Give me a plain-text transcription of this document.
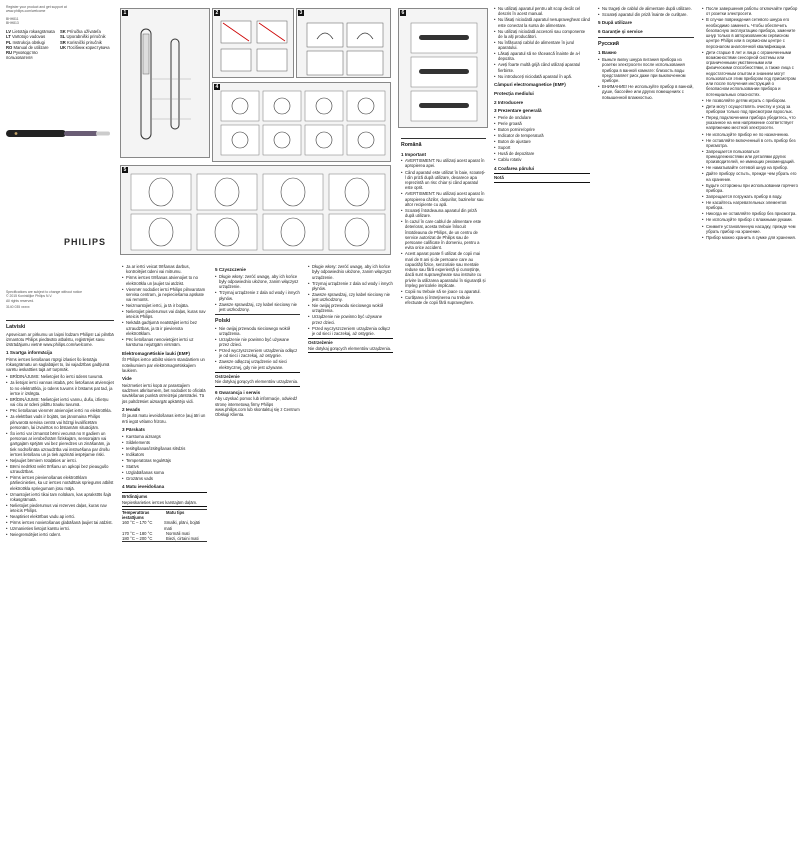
Register your product and get support at
www.philips.com/welcome
BHH811
BHH813
LV Lietotāja rokasgrāmata	SK Príručka užívateľa
LT Vartotojo vadovas	SL Uporabniški priročnik
PL Instrukcja obsługi	SR Korisnički priručnik
RO Manual de utilizare	UK Посібник користувача
RU Руководство пользователя
PHILIPS
Specifications are subject to change without notice
© 2015 Koninklijke Philips N.V.
All rights reserved.
3140 035 xxxxx
Latviski

Apsveicam ar pirkumu un laipni lūdzam Philips! Lai pilnībā izmantotu Philips piedāvāto atbalstu, reģistrējiet savu izstrādājumu vietnē www.philips.com/welcome.

1 Svarīga informācija

Pirms ierīces lietošanas rūpīgi izlasiet šo lietotāja rokasgrāmatu un saglabājiet to, lai vajadzības gadījumā varētu ieskatīties tajā arī turpmāk.

• BRĪDINĀJUMS: Nelietojiet šo ierīci ūdens tuvumā.
• Ja lietojat ierīci vannas istabā, pēc lietošanas atvienojiet to no elektrotīkla, jo ūdens tuvums ir bīstams pat tad, ja ierīce ir izslēgta.
• BRĪDINĀJUMS: Nelietojiet ierīci vannu, dušu, izlietņu vai citu ar ūdeni pildītu trauku tuvumā.
• Pēc lietošanas vienmēr atvienojiet ierīci no elektrotīkla.
• Ja elektības vads ir bojāts, tas jānomaina Philips pilnvarotā servisa centrā vai līdzīgi kvalificētām personām, lai izvairītos no bīstamām situācijām.
• Šo ierīci var izmantot bērni vecumā no 8 gadiem un personas ar ierobežotām fiziskajām, sensorajām vai garīgajām spējām vai bez pieredzes un zināšanām, ja tiek nodrošināta uzraudzība vai instruēšana par drošu ierīces lietošanu un ja tiek apzināti iespējamie riski.
• Neļaujiet bērniem rotaļāties ar ierīci.
• Bērni nedrīkst veikt tīrīšanu un apkopi bez pieaugušo uzraudzības.
• Pirms ierīces pievienošanas elektrotīklam pārliecinieties, ka uz ierīces norādītais spriegums atbilst elektrotīkla spriegumam jūsu mājā.
• Izmantojiet ierīci tikai tam nolūkam, kas aprakstīts šajā rokasgrāmatā.
• Nelietojiet piederumus vai rezerves daļas, kuras nav ieteicis Philips.
• Neaptiniet elektrības vadu ap ierīci.
• Pirms ierīces novietošanas glabāšanā ļaujiet tai atdzist.
• Uzmanieties lietojot karstu ierīci.
• Neiegremdējiet ierīci ūdenī.
1	2	3
4
5
• Ja ar ierīci veicat tīrīšanas darbus, kontrolējiet ūdeni vai mitrumu.
• Pirms ierīces tīrīšanas atvienojiet to no elektrotīkla un ļaujiet tai atdzist.
• Vienmēr nododiet ierīci Philips pilnvarotam servisa centram, ja nepieciešama apskate vai remonts.
• Neizmantojiet ierīci, ja tā ir bojāta.
• Nelietojiet piederumus vai daļas, kuras nav ieteicis Philips.
• Nekādā gadījumā neatstājiet ierīci bez uzraudzības, ja tā ir pievienota elektrotīklam.
• Pēc lietošanas nenovietojiet ierīci uz karstuma nejutīgām virsmām.
Elektromagnētiskie lauki (EMF)

Šī Philips ierīce atbilst visiem standartiem un noteikumiem par elektromagnētiskajiem laukiem.

Vide

Neizmetiet ierīci kopā ar parastajiem sadzīves atkritumiem, bet nododiet to oficiālā savākšanas punktā otrreizējai pārstrādei. Tā jūs palīdzēsiet aizsargāt apkārtējo vidi.

2 Ievads

Šī jaunā matu ieveidošanas ierīce ļauj ātri un ērti iegūt vēlamo frizūru.

3 Pārskats
• Karstuma aizsargs
• Sildelements
• Ieslēgšanas/izslēgšanas slēdzis
• Indikators
• Temperatūras regulētājs
• Statīvs
• Uzglabāšanas soma
• Grozāms vads
4 Matu ieveidošana
Brīdinājums
Nepieskarieties ierīces karstajām daļām.
Temperatūras iestatījums
Matu tips
160 °C – 170 °C	Smalki, plāni, bojāti mati
170 °C – 180 °C	Normāli mati
180 °C – 200 °C	Biezi, cirtaini mati
5 Czyszczenie
• Długie włosy: zwróć uwagę, aby ich końce były odpowiednio ułożone, zanim włączysz urządzenie.
• Trzymaj urządzenie z dala od wody i innych płynów.
• Zawsze sprawdzaj, czy kabel sieciowy nie jest uszkodzony.
Polski
• Nie owijaj przewodu sieciowego wokół urządzenia.
• Urządzenie nie powinno być używane przez dzieci.
• Przed wyczyszczeniem urządzenia odłącz je od sieci i zaczekaj, aż ostygnie.
• Zawsze odłączaj urządzenie od sieci elektrycznej, gdy nie jest używane.
Ostrzeżenie
Nie dotykaj gorących elementów urządzenia.
6 Gwarancja i serwis

Aby uzyskać pomoc lub informacje, odwiedź stronę internetową firmy Philips www.philips.com lub skontaktuj się z Centrum Obsługi Klienta.

• Długie włosy: zwróć uwagę, aby ich końce były odpowiednio ułożone, zanim włączysz urządzenie.
• Trzymaj urządzenie z dala od wody i innych płynów.
• Zawsze sprawdzaj, czy kabel sieciowy nie jest uszkodzony.
• Nie owijaj przewodu sieciowego wokół urządzenia.
• Urządzenie nie powinno być używane przez dzieci.
• Przed wyczyszczeniem urządzenia odłącz je od sieci i zaczekaj, aż ostygnie.
Ostrzeżenie
Nie dotykaj gorących elementów urządzenia.
6
Română
1 Important
• AVERTISMENT: Nu utilizați acest aparat în apropierea apei.
• Când aparatul este utilizat în baie, scoateți-l din priză după utilizare, deoarece apa reprezintă un risc chiar și când aparatul este oprit.
• AVERTISMENT: Nu utilizați acest aparat în apropierea căzilor, dușurilor, bazinelor sau altor recipiente cu apă.
• Scoateți întotdeauna aparatul din priză după utilizare.
• În cazul în care cablul de alimentare este deteriorat, acesta trebuie înlocuit întotdeauna de Philips, de un centru de service autorizat de Philips sau de persoane calificate în domeniu, pentru a evita orice accident.
• Acest aparat poate fi utilizat de copii mai mari de 8 ani și de persoane care au capacități fizice, senzoriale sau mentale reduse sau fără experiență și cunoștințe, dacă sunt supravegheate sau instruite cu privire la utilizarea aparatului în siguranță și înțeleg pericolele implicate.
• Copiii nu trebuie să se joace cu aparatul.
• Curățarea și întreținerea nu trebuie efectuate de copii fără supraveghere.
• Nu utilizați aparatul pentru alt scop decât cel descris în acest manual.
• Nu lăsați niciodată aparatul nesupravegheat când este conectat la sursa de alimentare.
• Nu utilizați niciodată accesorii sau componente de la alți producători.
• Nu înfășurați cablul de alimentare în jurul aparatului.
• Lăsați aparatul să se răcească înainte de a-l depozita.
• Aveți foarte multă grijă când utilizați aparatul fierbinte.
• Nu introduceți niciodată aparatul în apă.
Câmpuri electromagnetice (EMF)
Protecția mediului
2 Introducere
3 Prezentare generală
• Perie de ondulare
• Perie groasă
• Buton pornire/oprire
• Indicator de temperatură
• Buton de ajustare
• Suport
• Husă de depozitare
• Cablu rotativ
4 Coafarea părului
Notă
• Nu trageți de cablul de alimentare după utilizare.
• Scoateți aparatul din priză înainte de curățare.
5 După utilizare
6 Garanție și service
Русский
1 Важно
• Выньте вилку шнура питания прибора из розетки электросети после использования прибора в ванной комнате: близость воды представляет риск даже при выключенном приборе.
• ВНИМАНИЕ! Не используйте прибор в ванной, душе, бассейне или других помещениях с повышенной влажностью.
• После завершения работы отключайте прибор от розетки электросети.
• В случае повреждения сетевого шнура его необходимо заменить. Чтобы обеспечить безопасную эксплуатацию прибора, замените шнур только в авторизованном сервисном центре Philips или в сервисном центре с персоналом аналогичной квалификации.
• Дети старше 8 лет и лица с ограниченными возможностями сенсорной системы или ограниченными умственными или физическими способностями, а также лица с недостаточным опытом и знанием могут пользоваться этим прибором под присмотром или после получения инструкций о безопасном использовании прибора и потенциальных опасностях.
• Не позволяйте детям играть с прибором.
• Дети могут осуществлять очистку и уход за прибором только под присмотром взрослых.
• Перед подключением прибора убедитесь, что указанное на нем напряжение соответствует напряжению местной электросети.
• Не используйте прибор не по назначению.
• Не оставляйте включенный в сеть прибор без присмотра.
• Запрещается пользоваться принадлежностями или деталями других производителей, не имеющих рекомендаций.
• Не наматывайте сетевой шнур на прибор.
• Дайте прибору остыть, прежде чем убрать его на хранение.
• Будьте осторожны при использовании горячего прибора.
• Запрещается погружать прибор в воду.
• Не касайтесь нагревательных элементов прибора.
• Никогда не оставляйте прибор без присмотра.
• Не используйте прибор с влажными руками.
• Снимите установленную насадку, прежде чем убрать прибор на хранение.
• Прибор можно хранить в сумке для хранения.
